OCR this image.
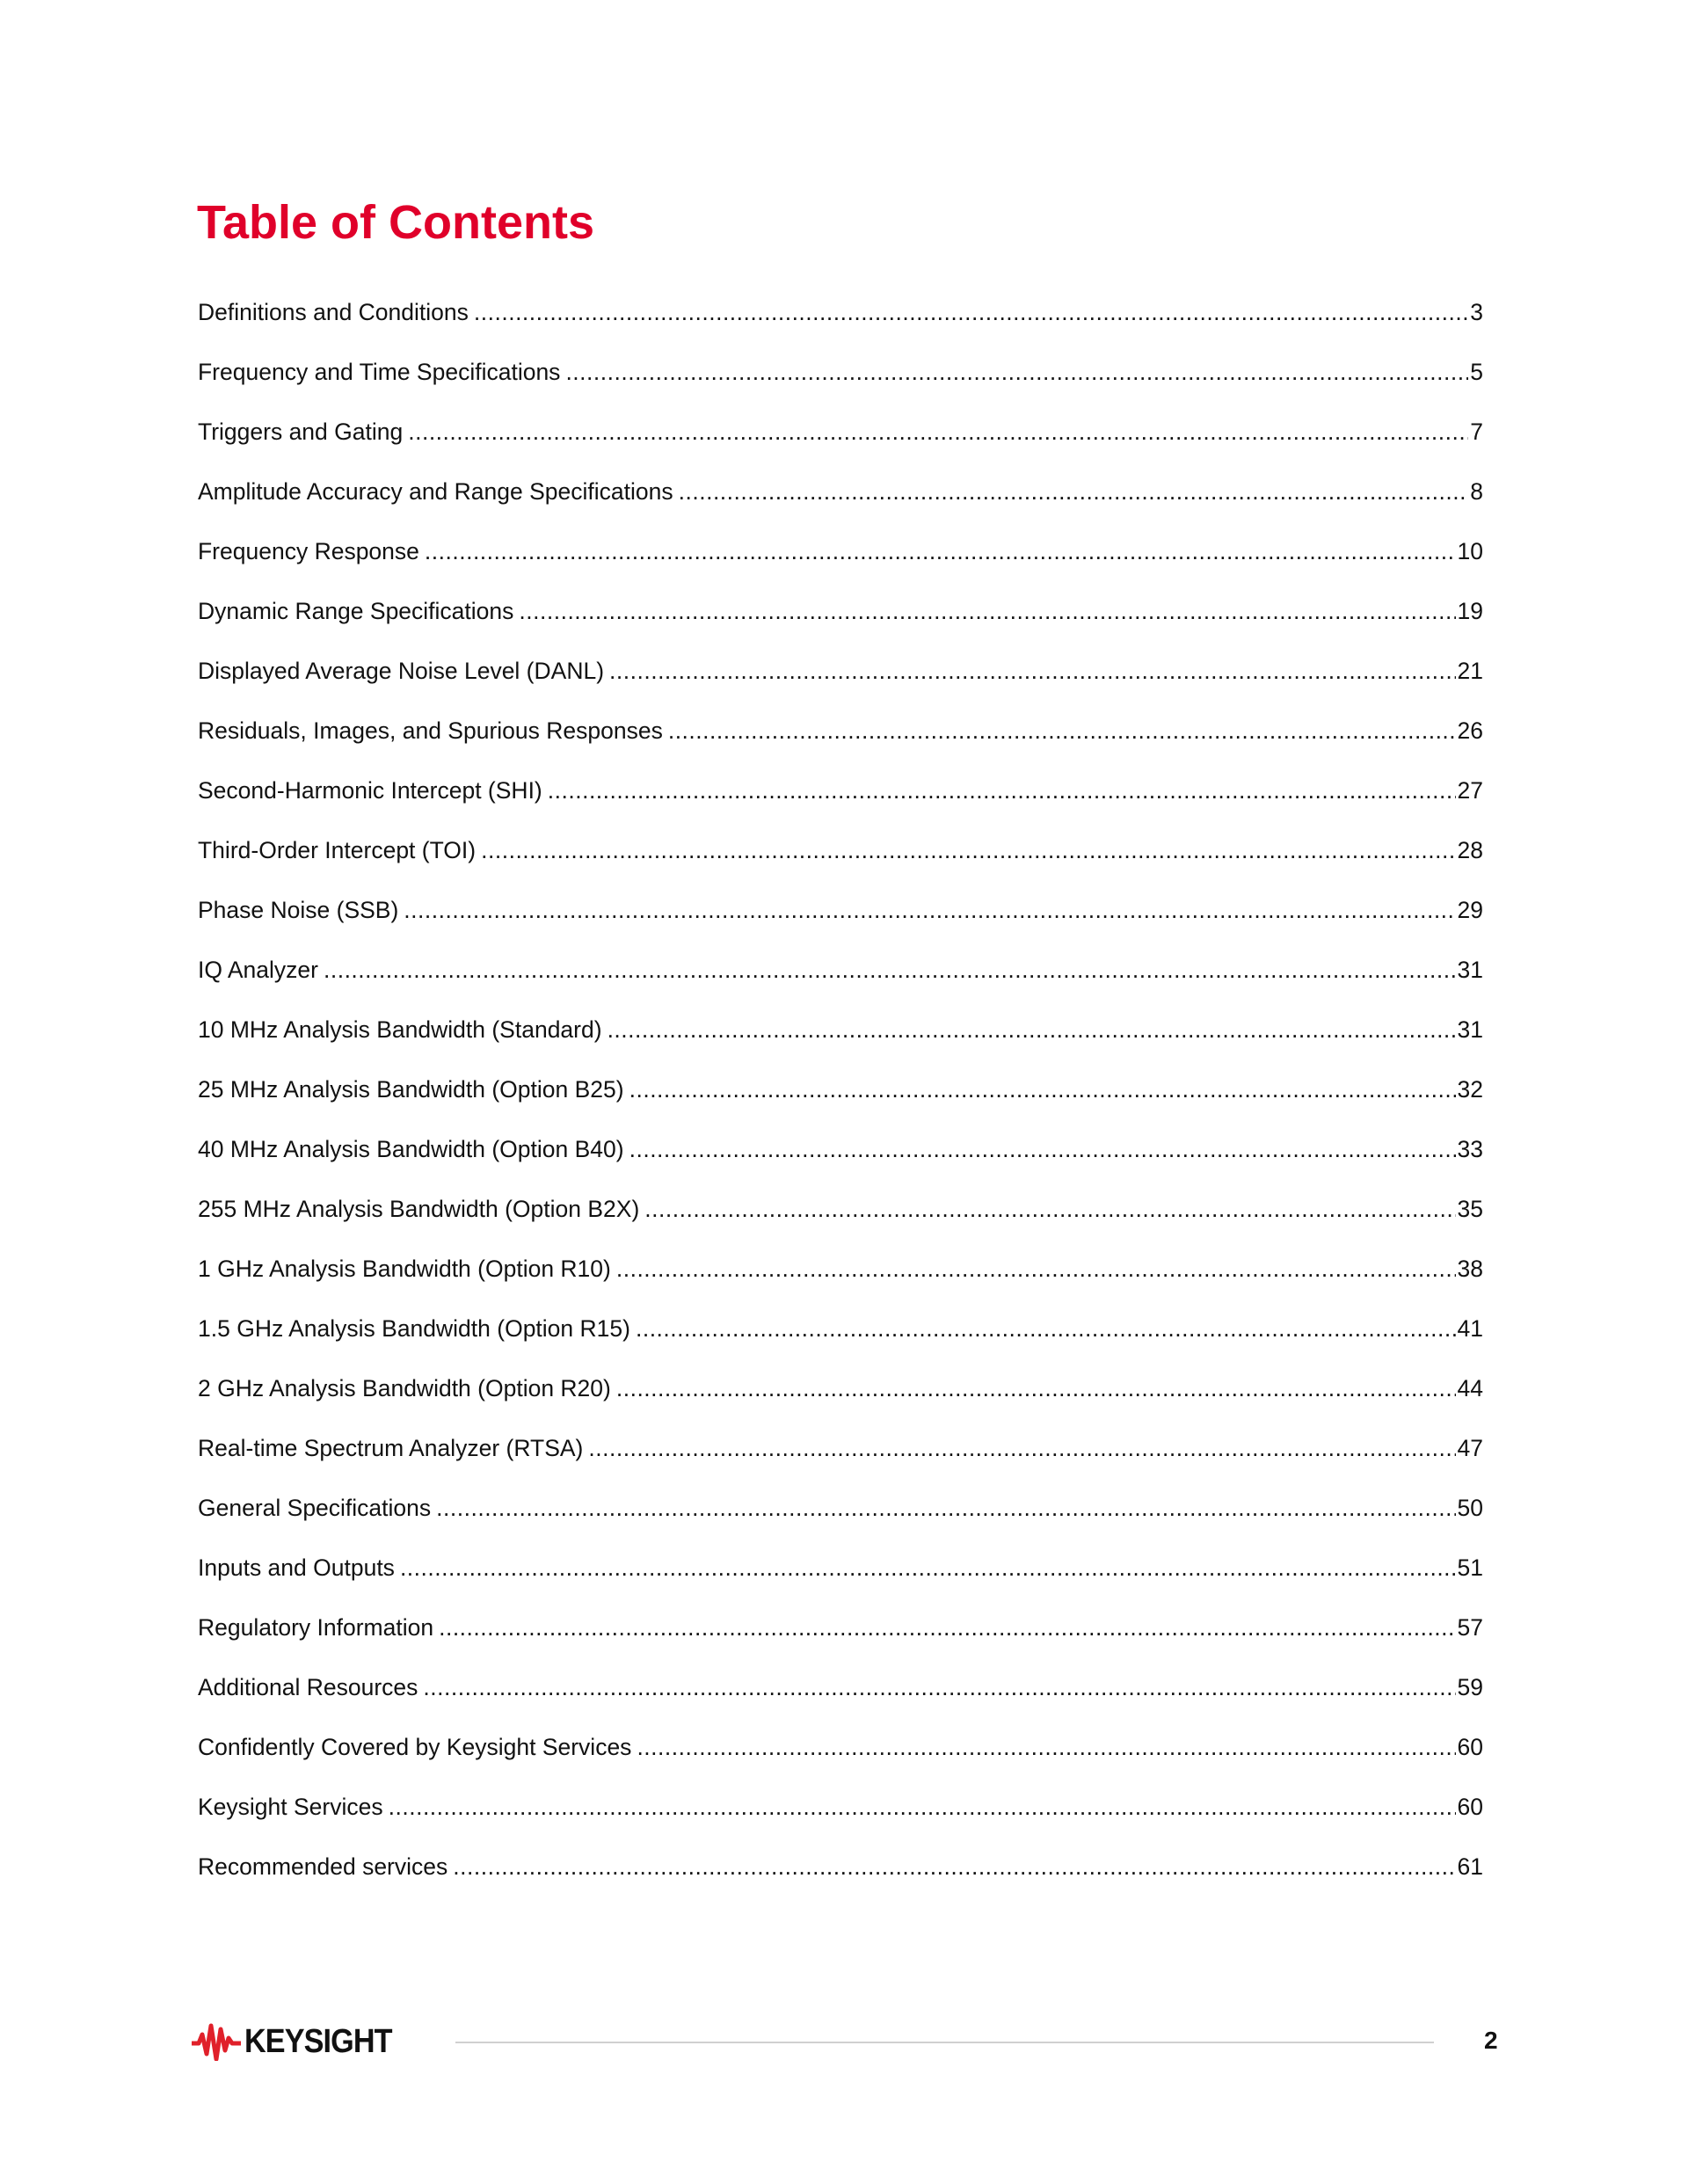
Table of Contents
Definitions and Conditions .....	3
Frequency and Time Specifications .....	5
Triggers and Gating .....	7
Amplitude Accuracy and Range Specifications .....	8
Frequency Response .....	10
Dynamic Range Specifications .....	19
Displayed Average Noise Level (DANL) .....	21
Residuals, Images, and Spurious Responses .....	26
Second-Harmonic Intercept (SHI) .....	27
Third-Order Intercept (TOI) .....	28
Phase Noise (SSB) .....	29
IQ Analyzer .....	31
10 MHz Analysis Bandwidth (Standard) .....	31
25 MHz Analysis Bandwidth (Option B25) .....	32
40 MHz Analysis Bandwidth (Option B40) .....	33
255 MHz Analysis Bandwidth (Option B2X) .....	35
1 GHz Analysis Bandwidth (Option R10) .....	38
1.5 GHz Analysis Bandwidth (Option R15) .....	41
2 GHz Analysis Bandwidth (Option R20) .....	44
Real-time Spectrum Analyzer (RTSA) .....	47
General Specifications .....	50
Inputs and Outputs .....	51
Regulatory Information .....	57
Additional Resources .....	59
Confidently Covered by Keysight Services .....	60
Keysight Services .....	60
Recommended services .....	61
KEYSIGHT	2
